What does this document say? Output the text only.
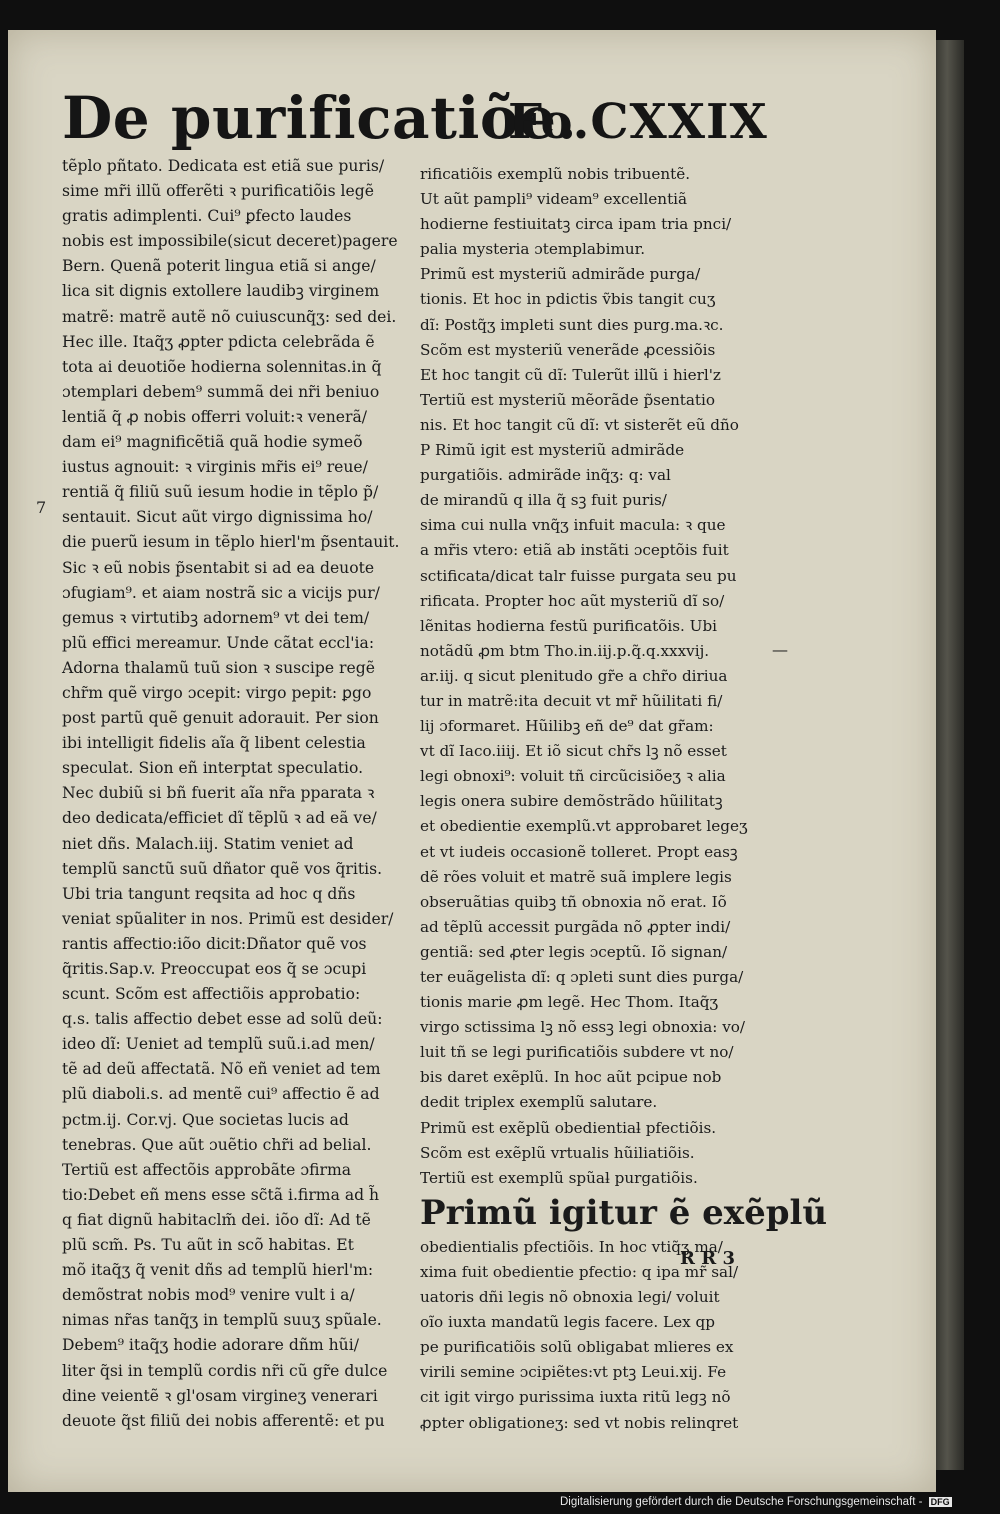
De purificatiõe.
Fo.CXXIX
tẽplo pñtato. Dedicata est etiã sue puris/
sime mr̃i illũ offerẽti ꝛ purificatiõis legẽ
gratis adimplenti. Cui⁹ ꝑfecto laudes
nobis est impossibile(sicut deceret)pagere
Bern. Quenã poterit lingua etiã si ange/
lica sit dignis extollere laudibꝫ virginem
matrẽ: matrẽ autẽ nõ cuiuscunq̃ʒ: sed dei.
Hec ille. Itaq̃ʒ ꝓpter pdicta celebrãda ẽ
tota ai deuotiõe hodierna solennitas.in q̃
ɔtemplari debem⁹ summã dei nr̃i beniuo
lentiã q̃ ꝓ nobis offerri voluit:ꝛ venerã/
dam ei⁹ magnificẽtiã quã hodie symeõ
iustus agnouit: ꝛ virginis mr̃is ei⁹ reue/
rentiã q̃ filiũ suũ iesum hodie in tẽplo p̃/
sentauit. Sicut aũt virgo dignissima ho/
die puerũ iesum in tẽplo hierl'm p̃sentauit.
Sic ꝛ eũ nobis p̃sentabit si ad ea deuote
ɔfugiam⁹. et aiam nostrã sic a vicijs pur/
gemus ꝛ virtutibꝫ adornem⁹ vt dei tem/
plũ effici mereamur. Unde cãtat eccl'ia:
Adorna thalamũ tuũ sion ꝛ suscipe regẽ
chr̃m quẽ virgo ɔcepit: virgo pepit: ꝑgo
post partũ quẽ genuit adorauit. Per sion
ibi intelligit fidelis aĩa q̃ libent celestia
speculat. Sion eñ interptat speculatio.
Nec dubiũ si bñ fuerit aĩa nr̃a pparata ꝛ
deo dedicata/efficiet dĩ tẽplũ ꝛ ad eã ve/
niet dñs. Malach.iij. Statim veniet ad
templũ sanctũ suũ dñator quẽ vos q̃ritis.
Ubi tria tangunt reqsita ad hoc q dñs
veniat spũaliter in nos. Primũ est desider/
rantis affectio:iõo dicit:Dñator quẽ vos
q̃ritis.Sap.v. Preoccupat eos q̃ se ɔcupi
scunt. Scõm est affectiõis approbatio:
q.s. talis affectio debet esse ad solũ deũ:
ideo dĩ: Ueniet ad templũ suũ.i.ad men/
tẽ ad deũ affectatã. Nõ eñ veniet ad tem
plũ diaboli.s. ad mentẽ cui⁹ affectio ẽ ad
pctm.ij. Cor.vj. Que societas lucis ad
tenebras. Que aũt ɔuẽtio chr̃i ad belial.
Tertiũ est affectõis approbãte ɔfirma
tio:Debet eñ mens esse sc̃tã i.firma ad h̃
q fiat dignũ habitaclm̃ dei. iõo dĩ: Ad tẽ
plũ scm̃. Ps. Tu aũt in scõ habitas. Et
mõ itaq̃ʒ q̃ venit dñs ad templũ hierl'm:
demõstrat nobis mod⁹ venire vult i a/
nimas nr̃as tanq̃ʒ in templũ suuʒ spũale.
Debem⁹ itaq̃ʒ hodie adorare dñm hũi/
liter q̃si in templũ cordis nr̃i cũ gr̃e dulce
dine veientẽ ꝛ gl'osam virgineʒ venerari
deuote q̃st filiũ dei nobis afferentẽ: et pu
rificatiõis exemplũ nobis tribuentẽ.
Ut aũt pampli⁹ videam⁹ excellentiã
hodierne festiuitatꝫ circa ipam tria pnci/
palia mysteria ɔtemplabimur.
Primũ est mysteriũ admirãde purga/
tionis. Et hoc in pdictis ṽbis tangit cuʒ
dĩ: Postq̃ʒ impleti sunt dies purg.ma.ꝛc.
Scõm est mysteriũ venerãde ꝓcessiõis
Et hoc tangit cũ dĩ: Tulerũt illũ i hierl'z
Tertiũ est mysteriũ mẽorãde p̃sentatio
nis. Et hoc tangit cũ dĩ: vt sisterẽt eũ dño
P Rimũ igit est mysteriũ admirãde
purgatiõis. admirãde inq̃ʒ: q: val
de mirandũ q illa q̃ sꝫ fuit puris/
sima cui nulla vnq̃ʒ infuit macula: ꝛ que
a mr̃is vtero: etiã ab instãti ɔceptõis fuit
sctificata/dicat talr fuisse purgata seu pu
rificata. Propter hoc aũt mysteriũ dĩ so/
lẽnitas hodierna festũ purificatõis. Ubi
notãdũ ꝓm btm Tho.in.iij.p.q̃.q.xxxvij.
ar.iij. q sicut plenitudo gr̃e a chr̃o diriua
tur in matrẽ:ita decuit vt mr̃ hũilitati fi/
lij ɔformaret. Hũilibꝫ eñ de⁹ dat gr̃am:
vt dĩ Iaco.iiij. Et iõ sicut chr̃s lꝫ nõ esset
legi obnoxi⁹: voluit tñ circũcisiõeʒ ꝛ alia
legis onera subire demõstrãdo hũilitatꝫ
et obedientie exemplũ.vt approbaret legeʒ
et vt iudeis occasionẽ tolleret. Propt easꝫ
dẽ rões voluit et matrẽ suã implere legis
obseruãtias quibꝫ tñ obnoxia nõ erat. Iõ
ad tẽplũ accessit purgãda nõ ꝓpter indi/
gentiã: sed ꝓter legis ɔceptũ. Iõ signan/
ter euãgelista dĩ: q ɔpleti sunt dies purga/
tionis marie ꝓm legẽ. Hec Thom. Itaq̃ʒ
virgo sctissima lꝫ nõ essꝫ legi obnoxia: vo/
luit tñ se legi purificatiõis subdere vt no/
bis daret exẽplũ. In hoc aũt pcipue nob
dedit triplex exemplũ salutare.
Primũ est exẽplũ obedientiaƚ pfectiõis.
Scõm est exẽplũ vrtualis hũiliatiõis.
Tertiũ est exemplũ spũaƚ purgatiõis.
Primũ igitur ẽ exẽplũ
obedientialis pfectiõis. In hoc vtiq̃ʒ ma/
xima fuit obedientie pfectio: q ipa mr̃ sal/
uatoris dñi legis nõ obnoxia legi/ voluit
oĩo iuxta mandatũ legis facere. Lex qp
pe purificatiõis solũ obligabat mlieres ex
virili semine ɔcipiẽtes:vt ptꝫ Leui.xij. Fe
cit igit virgo purissima iuxta ritũ legꝫ nõ
ꝓpter obligationeʒ: sed vt nobis relinqret
7
—
R R 3
Digitalisierung gefördert durch die Deutsche Forschungsgemeinschaft - DFG
